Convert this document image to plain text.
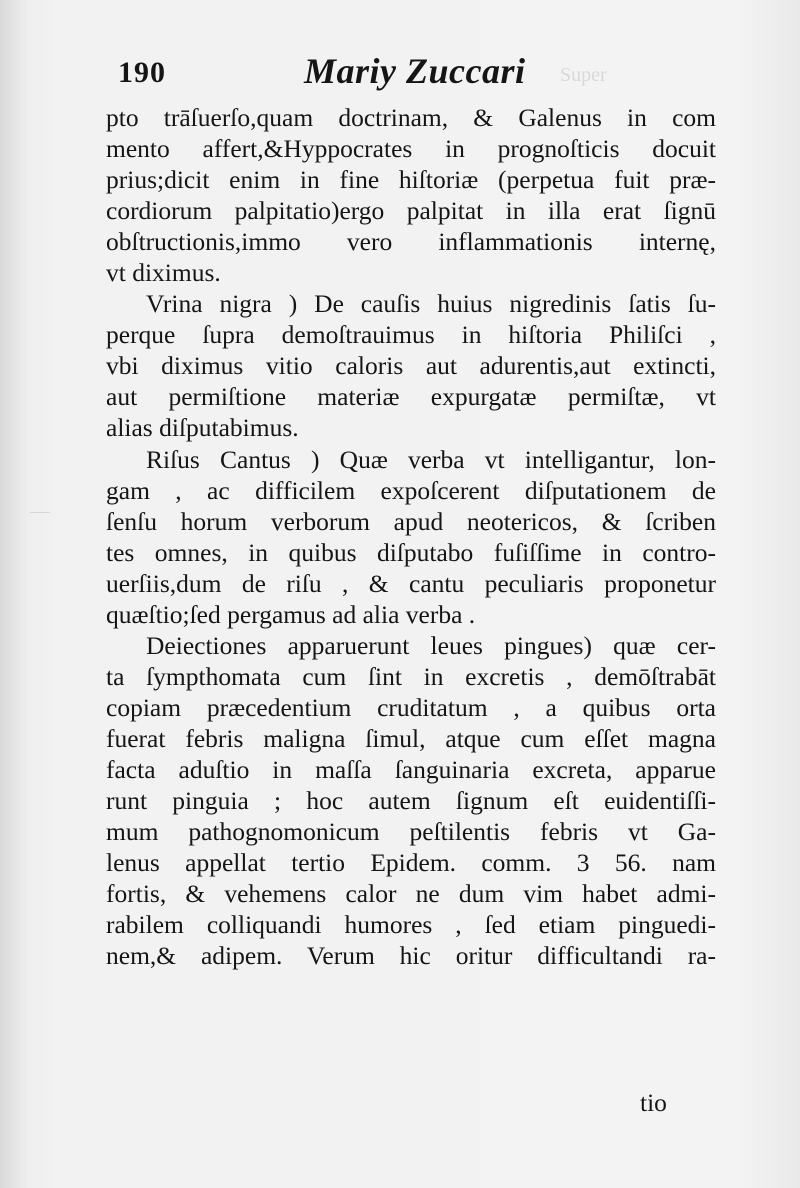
Super
—
190	Mariy Zuccari
pto trāſuerſo,quam doctrinam, & Galenus in com
mento affert,&Hyppocrates in prognoſticis docuit
prius;dicit enim in fine hiſtoriæ (perpetua fuit præ-
cordiorum palpitatio)ergo palpitat in illa erat ſignū
obſtructionis,immo vero inflammationis internę,
vt diximus.
Vrina nigra ) De cauſis huius nigredinis ſatis ſu-
perque ſupra demoſtrauimus in hiſtoria Philiſci ,
vbi diximus vitio caloris aut adurentis,aut extincti,
aut permiſtione materiæ expurgatæ permiſtæ, vt
alias diſputabimus.
Riſus Cantus ) Quæ verba vt intelligantur, lon-
gam , ac difficilem expoſcerent diſputationem de
ſenſu horum verborum apud neotericos, & ſcriben
tes omnes, in quibus diſputabo fuſiſſime in contro-
uerſiis,dum de riſu , & cantu peculiaris proponetur
quæſtio;ſed pergamus ad alia verba .
Deiectiones apparuerunt leues pingues) quæ cer-
ta ſympthomata cum ſint in excretis , demōſtrabāt
copiam præcedentium cruditatum , a quibus orta
fuerat febris maligna ſimul, atque cum eſſet magna
facta aduſtio in maſſa ſanguinaria excreta, apparue
runt pinguia ; hoc autem ſignum eſt euidentiſſi-
mum pathognomonicum peſtilentis febris vt Ga-
lenus appellat tertio Epidem. comm. 3 56. nam
fortis, & vehemens calor ne dum vim habet admi-
rabilem colliquandi humores , ſed etiam pinguedi-
nem,& adipem. Verum hic oritur difficultandi ra-
tio
